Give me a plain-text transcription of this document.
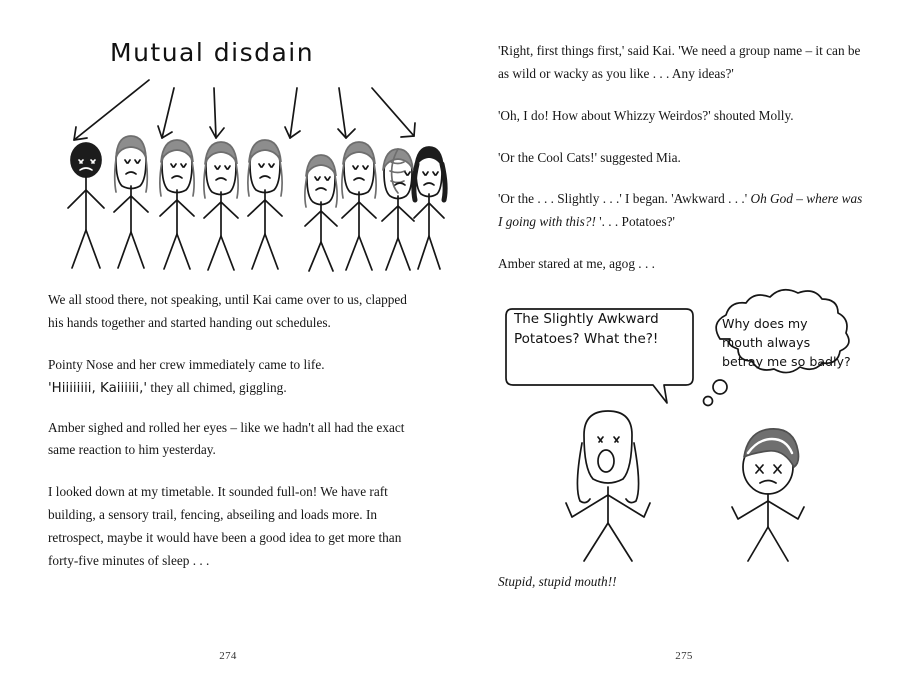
Mutual disdain

We all stood there, not speaking, until Kai came over to us, clapped his hands together and started handing out schedules.

Pointy Nose and her crew immediately came to life.
'Hiiiiiiii, Kaiiiiii,' they all chimed, giggling.

Amber sighed and rolled her eyes – like we hadn't all had the exact same reaction to him yesterday.

I looked down at my timetable. It sounded full-on! We have raft building, a sensory trail, fencing, abseiling and loads more. In retrospect, maybe it would have been a good idea to get more than forty-five minutes of sleep . . .

274

'Right, first things first,' said Kai. 'We need a group name – it can be as wild or wacky as you like . . . Any ideas?'

'Oh, I do! How about Whizzy Weirdos?' shouted Molly.

'Or the Cool Cats!' suggested Mia.

'Or the . . . Slightly . . .' I began. 'Awkward . . .' Oh God – where was I going with this?! '. . . Potatoes?'

Amber stared at me, agog . . .

The Slightly Awkward Potatoes? What the?!
Why does my mouth always betray me so badly?

Stupid, stupid mouth!!

275
